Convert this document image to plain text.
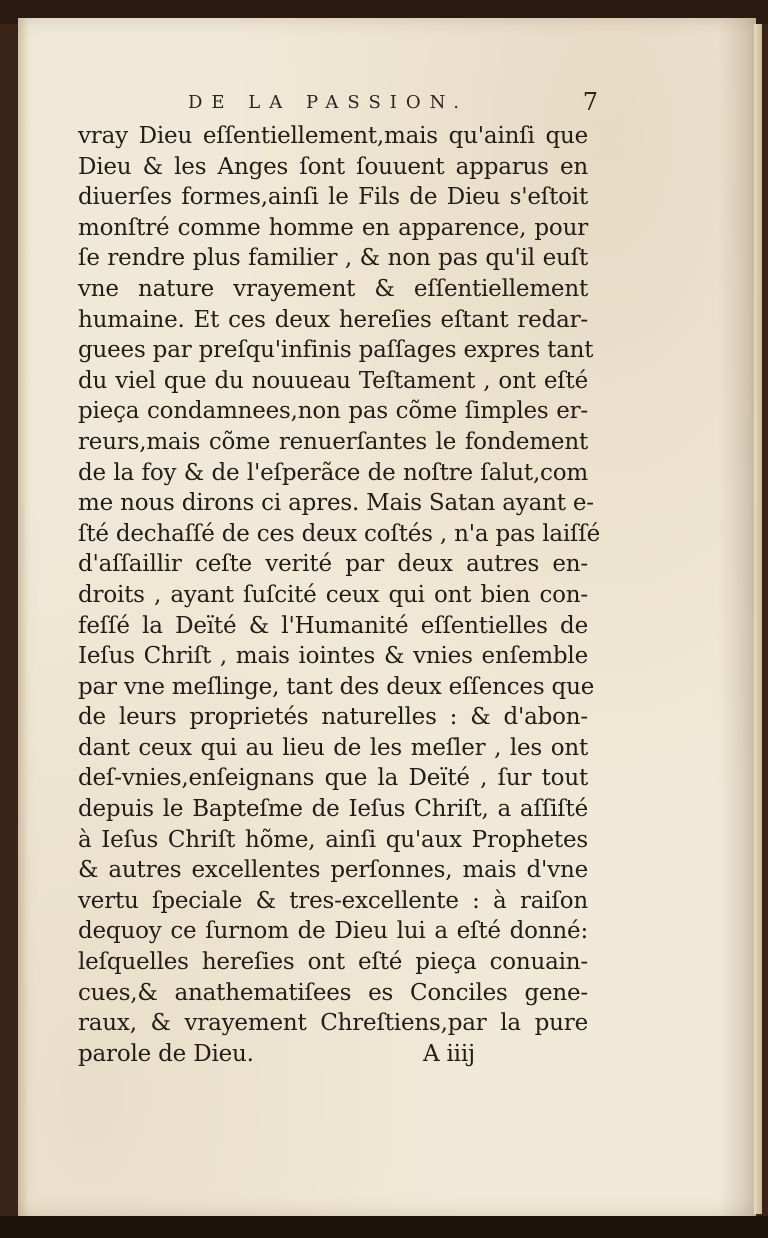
DE LA PASSION.	7
vray Dieu eſſentiellement,mais qu'ainſi que
Dieu & les Anges ſont ſouuent apparus en
diuerſes formes,ainſi le Fils de Dieu s'eſtoit
monſtré comme homme en apparence, pour
ſe rendre plus familier , & non pas qu'il euſt
vne nature vrayement & eſſentiellement
humaine. Et ces deux hereſies eſtant redar-
guees par preſqu'infinis paſſages expres tant
du viel que du nouueau Teſtament , ont eſté
pieça condamnees,non pas cõme ſimples er-
reurs,mais cõme renuerſantes le fondement
de la foy & de l'eſperãce de noſtre ſalut,com
me nous dirons ci apres. Mais Satan ayant e-
ſté dechaſſé de ces deux coſtés , n'a pas laiſſé
d'aſſaillir ceſte verité par deux autres en-
droits , ayant ſuſcité ceux qui ont bien con-
feſſé la Deïté & l'Humanité eſſentielles de
Ieſus Chriſt , mais iointes & vnies enſemble
par vne meſlinge, tant des deux eſſences que
de leurs proprietés naturelles : & d'abon-
dant ceux qui au lieu de les meſler , les ont
deſ-vnies,enſeignans que la Deïté , ſur tout
depuis le Bapteſme de Ieſus Chriſt, a aſſiſté
à Ieſus Chriſt hõme, ainſi qu'aux Prophetes
& autres excellentes perſonnes, mais d'vne
vertu ſpeciale & tres-excellente : à raiſon
dequoy ce ſurnom de Dieu lui a eſté donné:
leſquelles hereſies ont eſté pieça conuain-
cues,& anathematiſees es Conciles gene-
raux, & vrayement Chreſtiens,par la pure
parole de Dieu.	A iiij
